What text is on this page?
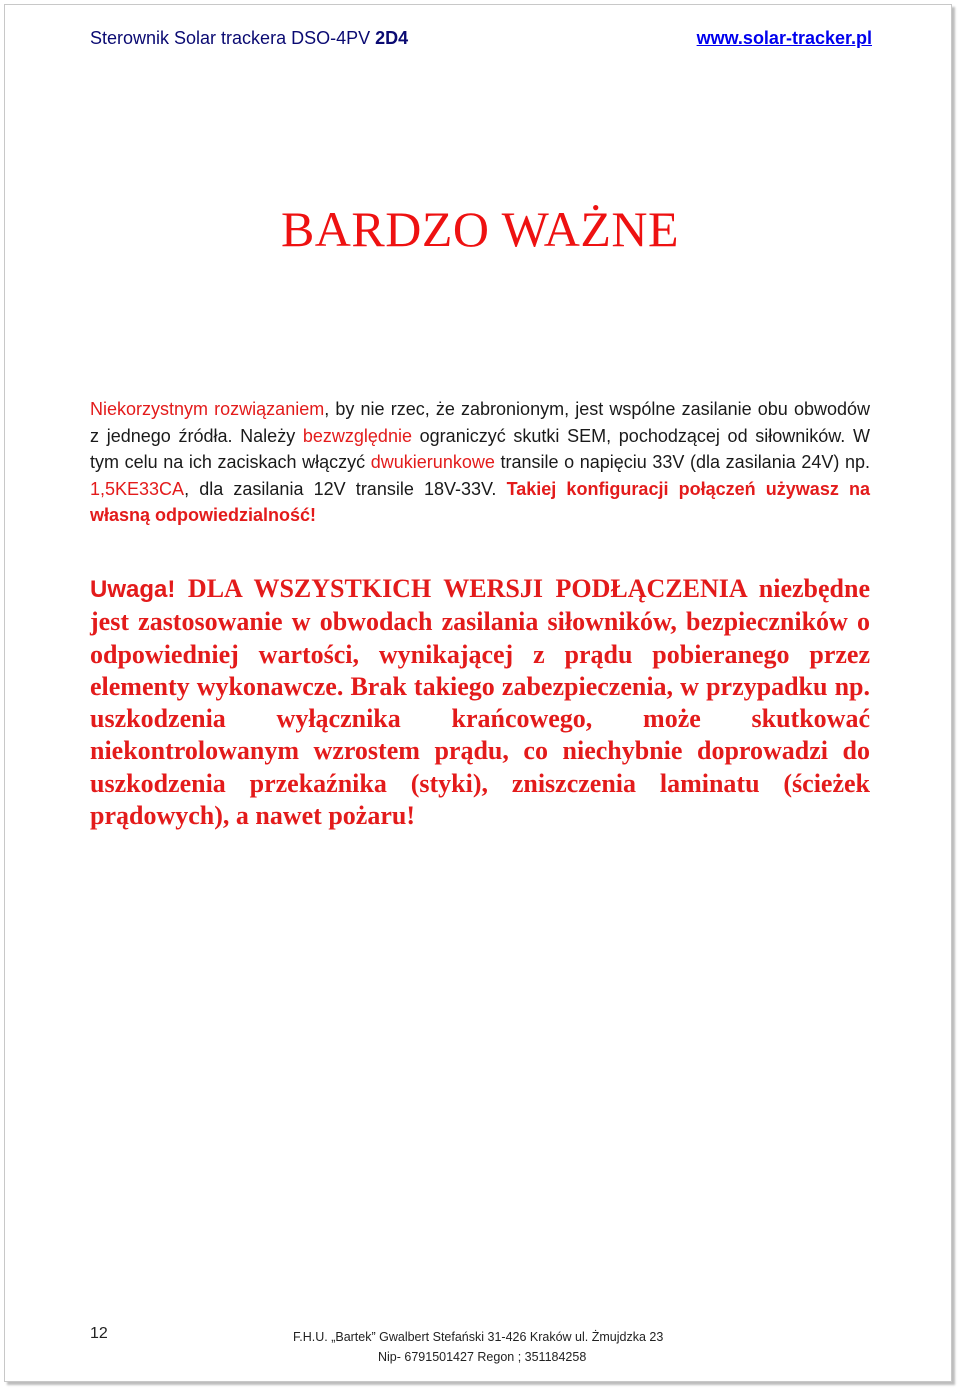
Sterownik Solar trackera DSO-4PV 2D4	www.solar-tracker.pl
BARDZO WAŻNE
Niekorzystnym rozwiązaniem, by nie rzec, że zabronionym, jest wspólne zasilanie obu obwodów z jednego źródła. Należy bezwzględnie ograniczyć skutki SEM, pochodzącej od siłowników. W tym celu na ich zaciskach włączyć dwukierunkowe transile o napięciu 33V (dla zasilania 24V) np. 1,5KE33CA, dla zasilania 12V transile 18V-33V. Takiej konfiguracji połączeń używasz na własną odpowiedzialność!
Uwaga! DLA WSZYSTKICH WERSJI PODŁĄCZENIA niezbędne jest zastosowanie w obwodach zasilania siłowników, bezpieczników o odpowiedniej wartości, wynikającej z prądu pobieranego przez elementy wykonawcze. Brak takiego zabezpieczenia, w przypadku np. uszkodzenia wyłącznika krańcowego, może skutkować niekontrolowanym wzrostem prądu, co niechybnie doprowadzi do uszkodzenia przekaźnika (styki), zniszczenia laminatu (ścieżek prądowych), a nawet pożaru!
12	F.H.U. „Bartek” Gwalbert Stefański 31-426 Kraków ul. Żmujdzka 23
Nip- 6791501427 Regon ; 351184258
